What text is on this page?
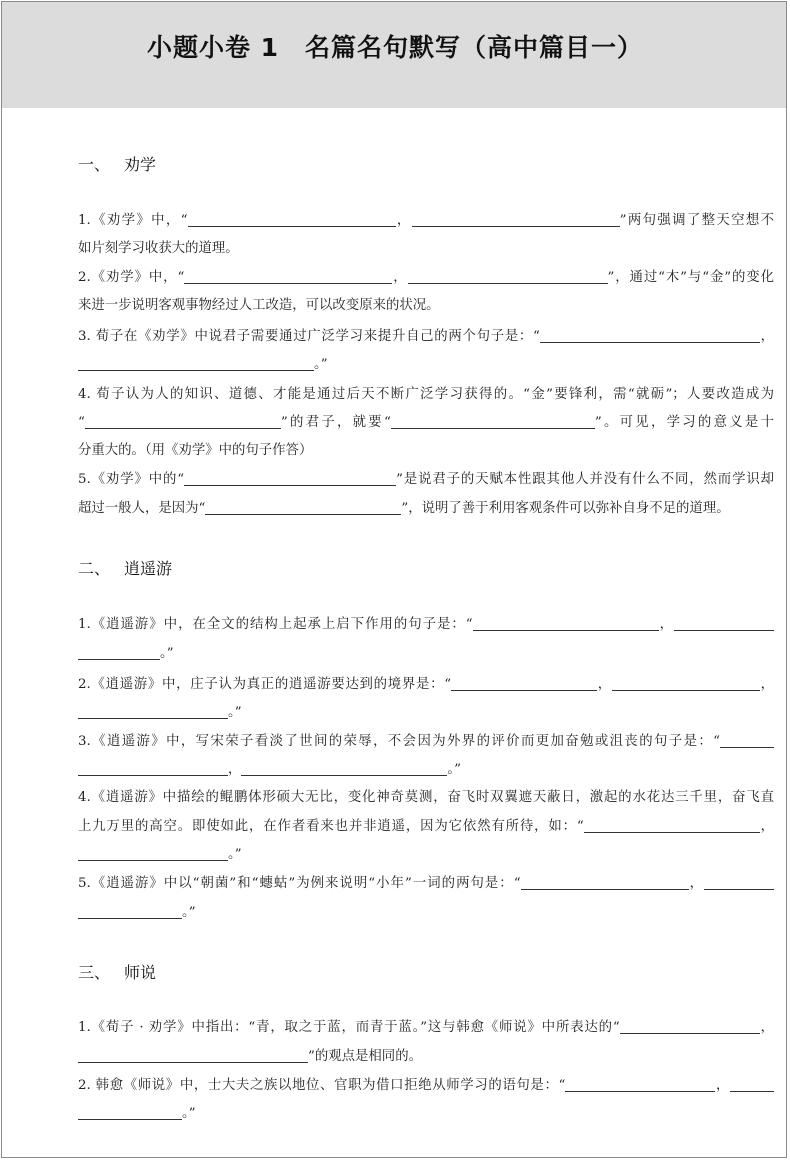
小题小卷 1　名篇名句默写（高中篇目一）
一、 劝学
1.《劝学》中，“	，	”两句强调了整天空想不
如片刻学习收获大的道理。
2.《劝学》中，“	，	”，通过“木”与“金”的变化
来进一步说明客观事物经过人工改造，可以改变原来的状况。
3. 荀子在《劝学》中说君子需要通过广泛学习来提升自己的两个句子是：“	，
。”
4. 荀子认为人的知识、道德、才能是通过后天不断广泛学习获得的。“金”要锋利，需“就砺”；人要改造成为
“	”的君子，就要“	”。可见，学习的意义是十
分重大的。（用《劝学》中的句子作答）
5.《劝学》中的“	”是说君子的天赋本性跟其他人并没有什么不同，然而学识却
超过一般人，是因为“	”，说明了善于利用客观条件可以弥补自身不足的道理。
二、 逍遥游
1.《逍遥游》中，在全文的结构上起承上启下作用的句子是：“	，
。”
2.《逍遥游》中，庄子认为真正的逍遥游要达到的境界是：“	，	，
。”
3.《逍遥游》中，写宋荣子看淡了世间的荣辱，不会因为外界的评价而更加奋勉或沮丧的句子是：“
，	。”
4.《逍遥游》中描绘的鲲鹏体形硕大无比，变化神奇莫测，奋飞时双翼遮天蔽日，激起的水花达三千里，奋飞直
上九万里的高空。即使如此，在作者看来也并非逍遥，因为它依然有所待，如：“	，
。”
5.《逍遥游》中以“朝菌”和“蟪蛄”为例来说明“小年”一词的两句是：“	，
。”
三、 师说
1.《荀子 · 劝学》中指出：“青，取之于蓝，而青于蓝。”这与韩愈《师说》中所表达的“	，
”的观点是相同的。
2. 韩愈《师说》中，士大夫之族以地位、官职为借口拒绝从师学习的语句是：“	，
。”
